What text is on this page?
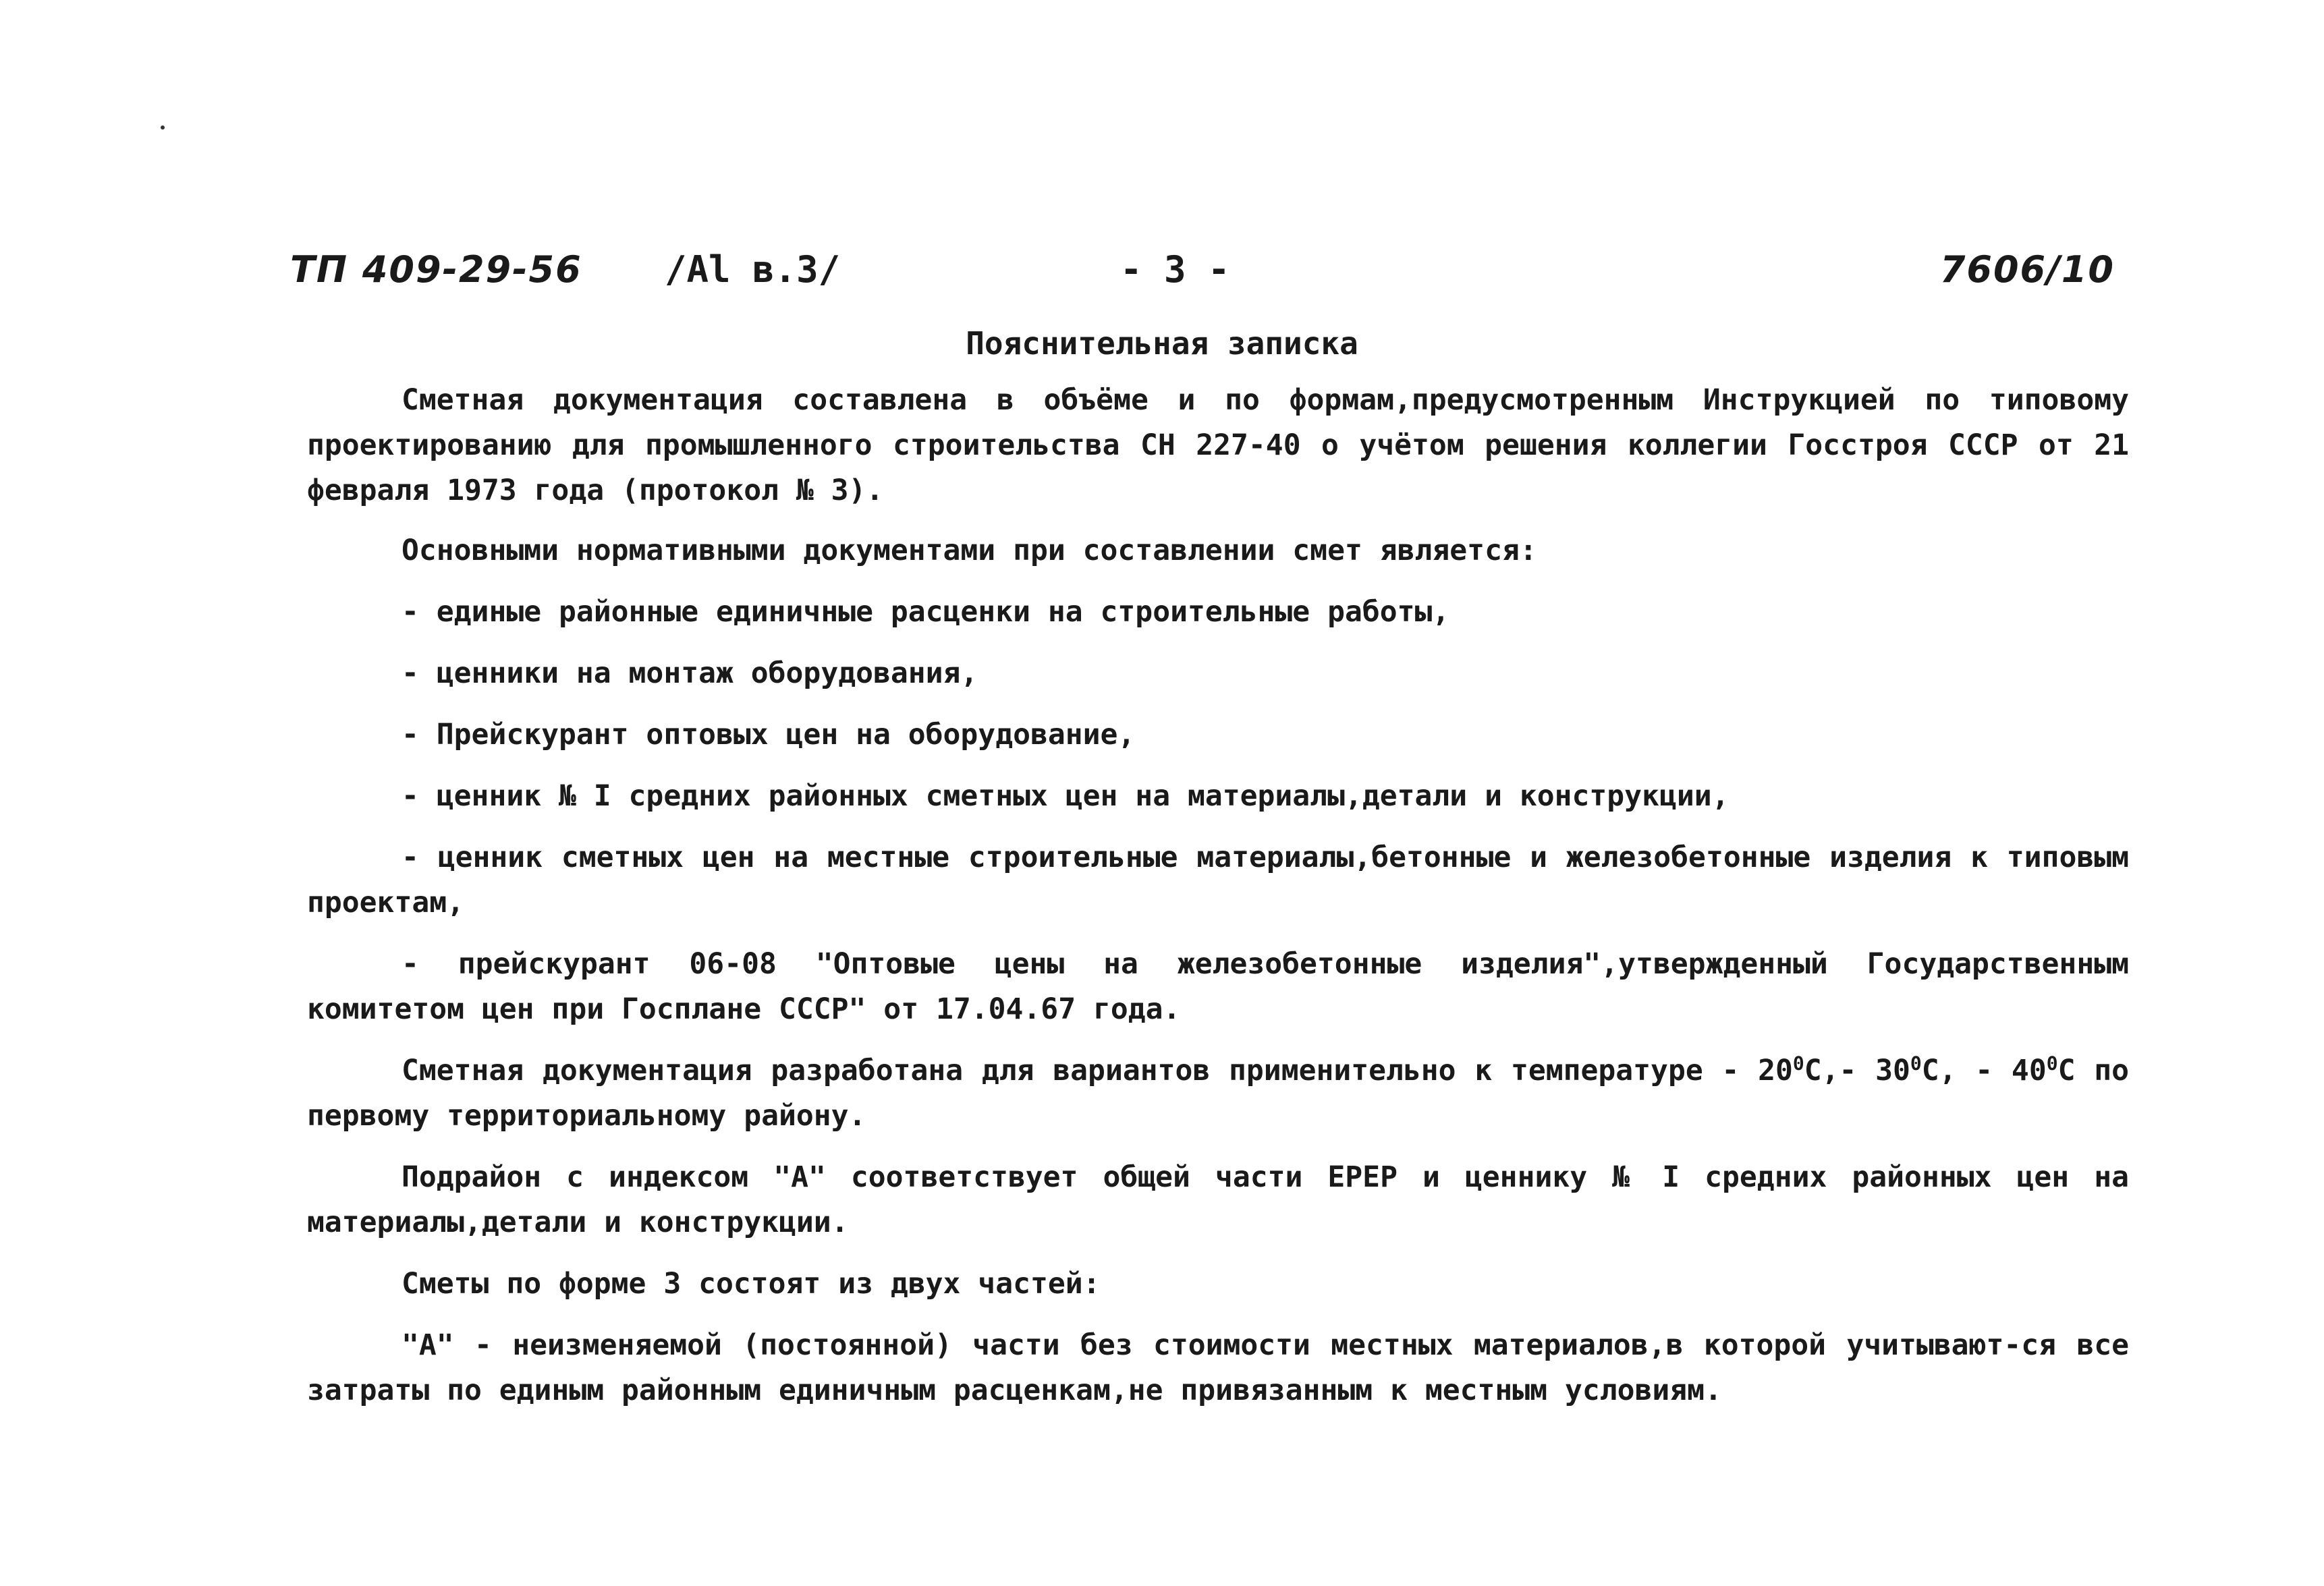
ТП 409-29-56 /Al в.3/	- 3 -	7606/10
Пояснительная записка

Сметная документация составлена в объёме и по формам,предусмотренным Инструкцией по типовому проектированию для промышленного строительства СН 227-40 о учётом решения коллегии Госстроя СССР от 21 февраля 1973 года (протокол № 3).

Основными нормативными документами при составлении смет является:

- единые районные единичные расценки на строительные работы,

- ценники на монтаж оборудования,

- Прейскурант оптовых цен на оборудование,

- ценник № I средних районных сметных цен на материалы,детали и конструкции,

- ценник сметных цен на местные строительные материалы,бетонные и железобетонные изделия к типовым проектам,

- прейскурант 06-08 "Оптовые цены на железобетонные изделия",утвержденный Государственным комитетом цен при Госплане СССР" от 17.04.67 года.

Сметная документация разработана для вариантов применительно к температуре - $20^0С,-$ $30^0С$, - $40^0С$ по первому территориальному району.

Подрайон с индексом "А" соответствует общей части ЕРЕР и ценнику № I средних районных цен на материалы,детали и конструкции.

Сметы по форме 3 состоят из двух частей:

"А" - неизменяемой (постоянной) части без стоимости местных материалов,в которой учитывают-ся все затраты по единым районным единичным расценкам,не привязанным к местным условиям.
